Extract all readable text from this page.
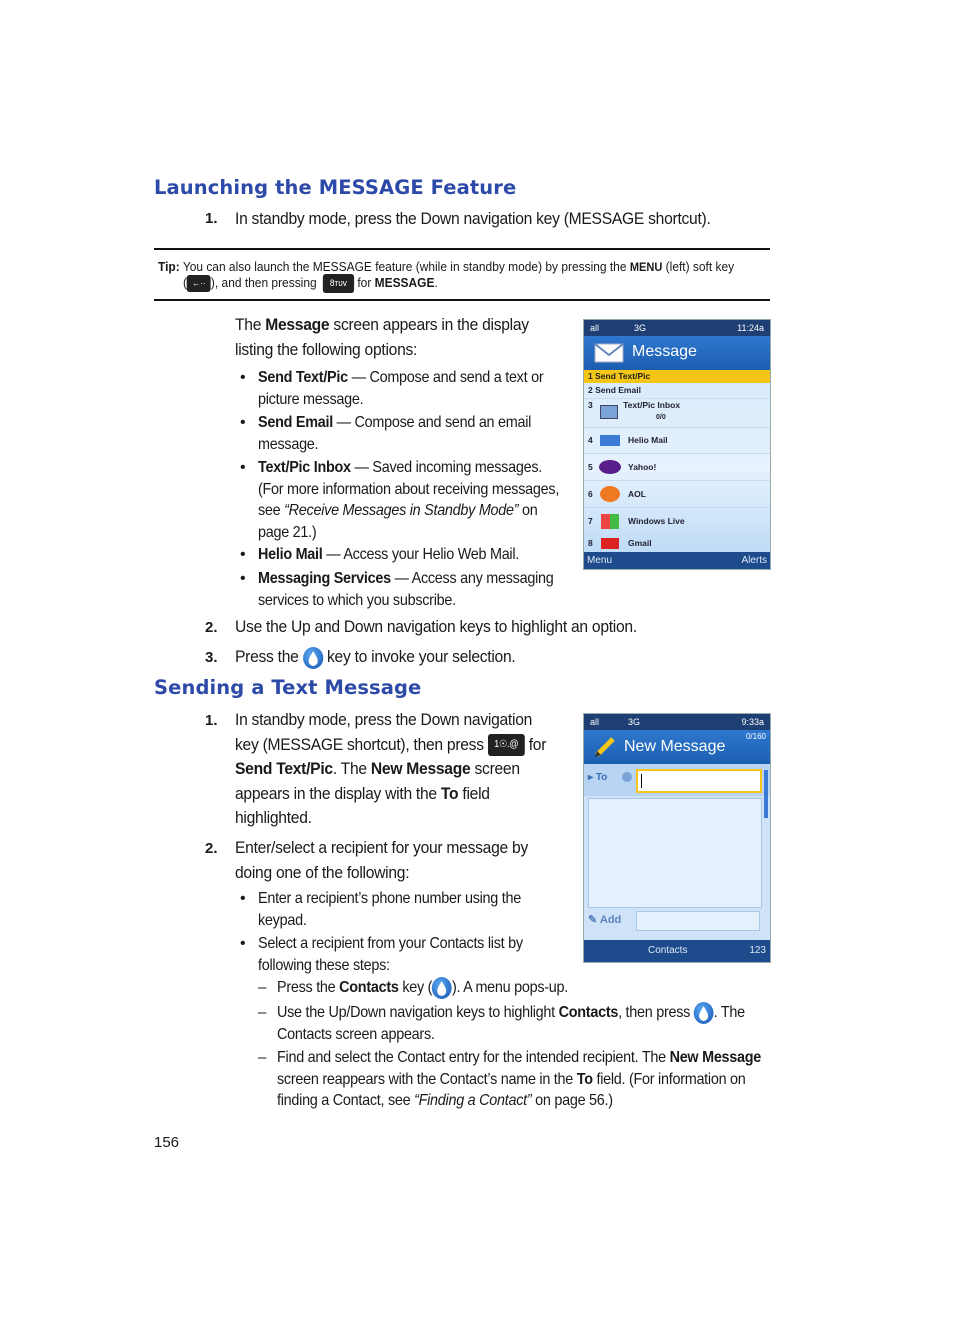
Launching the MESSAGE Feature
1. In standby mode, press the Down navigation key (MESSAGE shortcut).
Tip: You can also launch the MESSAGE feature (while in standby mode) by pressing the MENU (left) soft key
( ←·· ), and then pressing 8ᴛᴜᴠ for MESSAGE.
The Message screen appears in the display listing the following options:
• Send Text/Pic — Compose and send a text or picture message.
• Send Email — Compose and send an email message.
• Text/Pic Inbox — Saved incoming messages. (For more information about receiving messages, see “Receive Messages in Standby Mode” on page 21.)
• Helio Mail — Access your Helio Web Mail.
• Messaging Services — Access any messaging services to which you subscribe.
all	3G	11:24a
Message
1 Send Text/Pic
2 Send Email
3	Text/Pic Inbox
0/0
4	Helio Mail
5	Yahoo!
6	AOL
7	Windows Live
8	Gmail
Menu	Alerts
2. Use the Up and Down navigation keys to highlight an option.
3. Press the key to invoke your selection.
Sending a Text Message
1. In standby mode, press the Down navigation key (MESSAGE shortcut), then press 1☉.@ for Send Text/Pic. The New Message screen appears in the display with the To field highlighted.
2. Enter/select a recipient for your message by doing one of the following:
• Enter a recipient’s phone number using the keypad.
• Select a recipient from your Contacts list by following these steps:
– Press the Contacts key ( ). A menu pops-up.
– Use the Up/Down navigation keys to highlight Contacts, then press . The Contacts screen appears.
– Find and select the Contact entry for the intended recipient. The New Message screen reappears with the Contact’s name in the To field. (For information on finding a Contact, see “Finding a Contact” on page 56.)
all	3G	9:33a
New Message
0/160
▸ To
✎ Add
Contacts	123
156
